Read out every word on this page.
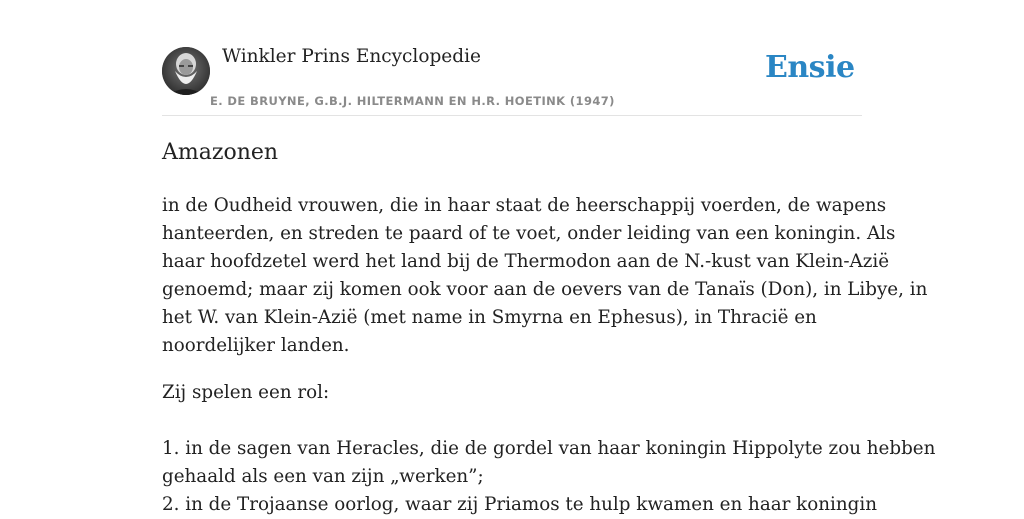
Winkler Prins Encyclopedie
E. DE BRUYNE, G.B.J. HILTERMANN EN H.R. HOETINK (1947)
Ensie
Amazonen

in de Oudheid vrouwen, die in haar staat de heerschappij voerden, de wapens
hanteerden, en streden te paard of te voet, onder leiding van een koningin. Als
haar hoofdzetel werd het land bij de Thermodon aan de N.-kust van Klein-Azië
genoemd; maar zij komen ook voor aan de oevers van de Tanaïs (Don), in Libye, in
het W. van Klein-Azië (met name in Smyrna en Ephesus), in Thracië en
noordelijker landen.

Zij spelen een rol:

1. in de sagen van Heracles, die de gordel van haar koningin Hippolyte zou hebben
gehaald als een van zijn „werken”;
2. in de Trojaanse oorlog, waar zij Priamos te hulp kwamen en haar koningin
